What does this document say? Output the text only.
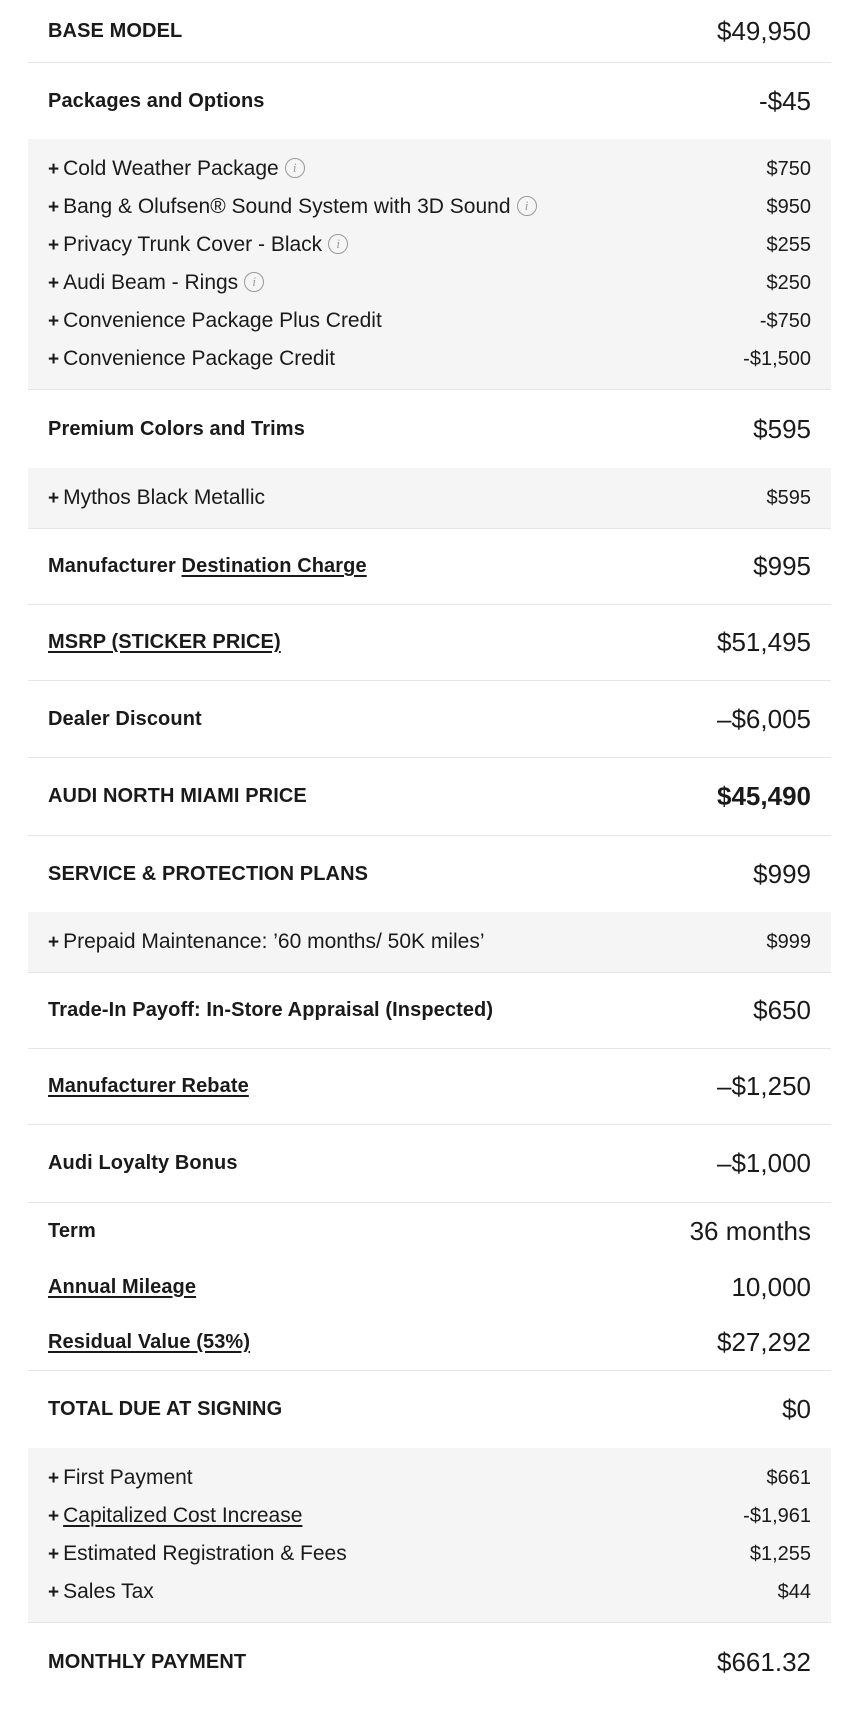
BASE MODEL	$49,950
Packages and Options	-$45
+ Cold Weather Package i	$750
+ Bang & Olufsen® Sound System with 3D Sound i	$950
+ Privacy Trunk Cover - Black i	$255
+ Audi Beam - Rings i	$250
+ Convenience Package Plus Credit	-$750
+ Convenience Package Credit	-$1,500
Premium Colors and Trims	$595
+ Mythos Black Metallic	$595
Manufacturer Destination Charge	$995
MSRP (STICKER PRICE)	$51,495
Dealer Discount	–$6,005
AUDI NORTH MIAMI PRICE	$45,490
SERVICE & PROTECTION PLANS	$999
+ Prepaid Maintenance: ’60 months/ 50K miles’	$999
Trade-In Payoff: In-Store Appraisal (Inspected)	$650
Manufacturer Rebate	–$1,250
Audi Loyalty Bonus	–$1,000
Term	36 months
Annual Mileage	10,000
Residual Value (53%)	$27,292
TOTAL DUE AT SIGNING	$0
+ First Payment	$661
+ Capitalized Cost Increase	-$1,961
+ Estimated Registration & Fees	$1,255
+ Sales Tax	$44
MONTHLY PAYMENT	$661.32
